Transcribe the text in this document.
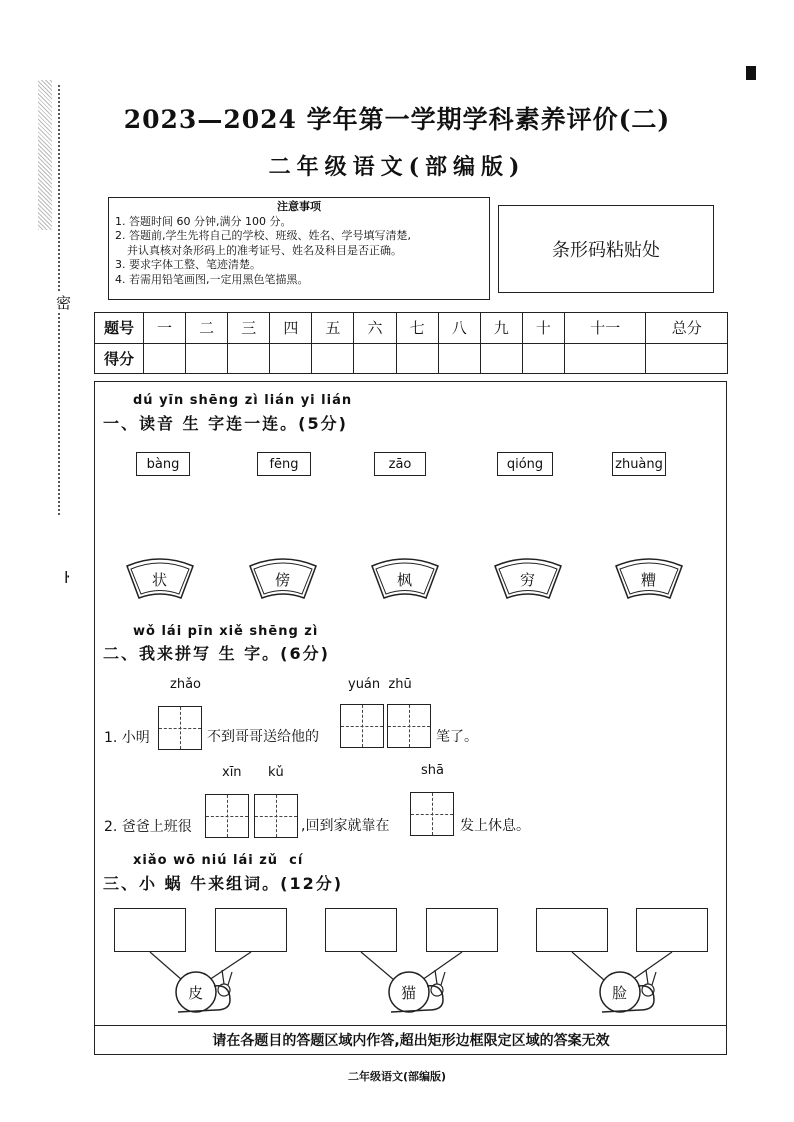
密
ŀ
2023—2024 学年第一学期学科素养评价(二)
二年级语文(部编版)
注意事项
1. 答题时间 60 分钟,满分 100 分。
2. 答题前,学生先将自己的学校、班级、姓名、学号填写清楚,
并认真核对条形码上的准考证号、姓名及科目是否正确。
3. 要求字体工整、笔迹清楚。
4. 若需用铅笔画图,一定用黑色笔描黑。
条形码粘贴处
题号	一	二	三	四	五	六	七	八	九	十	十一	总分
得分												
dú yīn shēng zì lián yi lián
一、读音 生 字连一连。(5分)
bàng	fēng	zāo	qióng	zhuàng
状	傍	枫	穷	糟
wǒ lái pīn xiě shēng zì
二、我来拼写 生 字。(6分)
zhǎo	yuán  zhū
1. 小明	不到哥哥送给他的	笔了。
xīn kǔ	shā
2. 爸爸上班很	,回到家就靠在	发上休息。
xiǎo wō niú lái zǔ  cí
三、小 蜗 牛来组词。(12分)
皮	猫	脸
请在各题目的答题区域内作答,超出矩形边框限定区域的答案无效
二年级语文(部编版)
